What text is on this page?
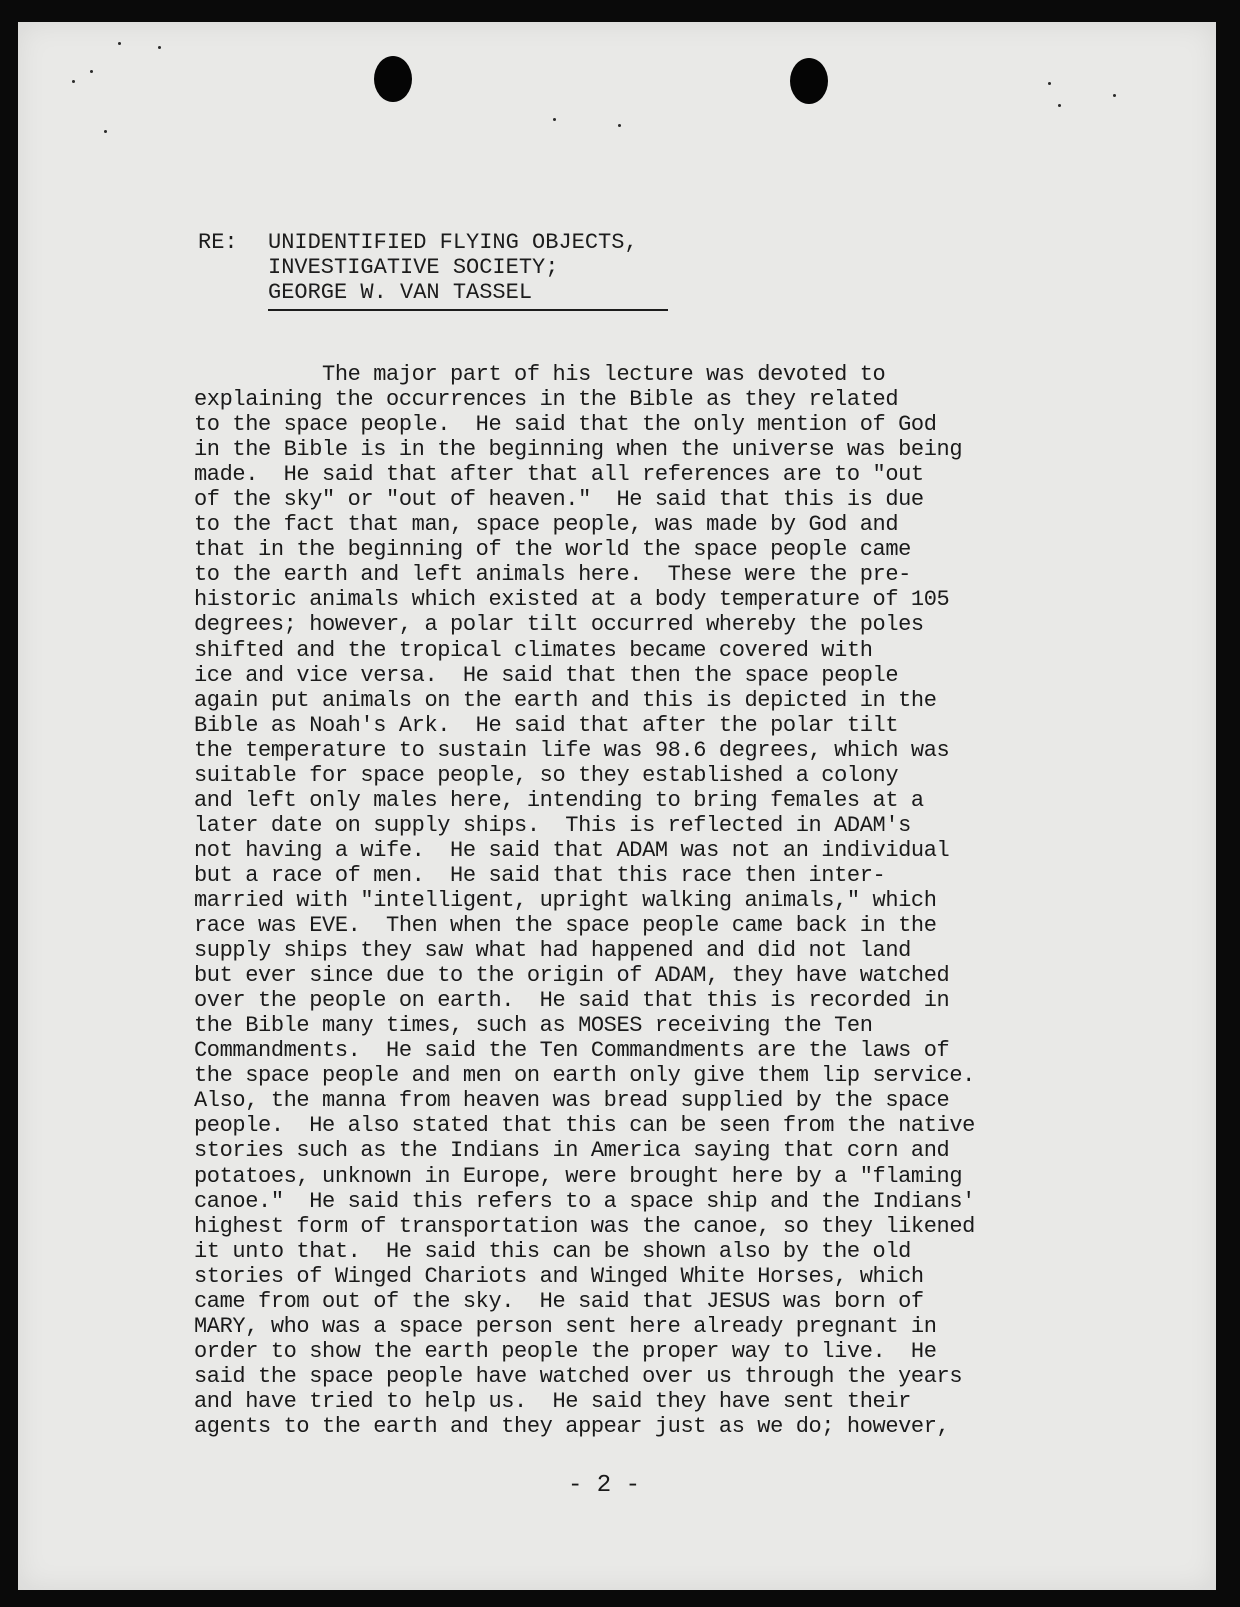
RE:	UNIDENTIFIED FLYING OBJECTS,
INVESTIGATIVE SOCIETY;
GEORGE W. VAN TASSEL
The major part of his lecture was devoted to
explaining the occurrences in the Bible as they related
to the space people.  He said that the only mention of God
in the Bible is in the beginning when the universe was being
made.  He said that after that all references are to "out
of the sky" or "out of heaven."  He said that this is due
to the fact that man, space people, was made by God and
that in the beginning of the world the space people came
to the earth and left animals here.  These were the pre-
historic animals which existed at a body temperature of 105
degrees; however, a polar tilt occurred whereby the poles
shifted and the tropical climates became covered with
ice and vice versa.  He said that then the space people
again put animals on the earth and this is depicted in the
Bible as Noah's Ark.  He said that after the polar tilt
the temperature to sustain life was 98.6 degrees, which was
suitable for space people, so they established a colony
and left only males here, intending to bring females at a
later date on supply ships.  This is reflected in ADAM's
not having a wife.  He said that ADAM was not an individual
but a race of men.  He said that this race then inter-
married with "intelligent, upright walking animals," which
race was EVE.  Then when the space people came back in the
supply ships they saw what had happened and did not land
but ever since due to the origin of ADAM, they have watched
over the people on earth.  He said that this is recorded in
the Bible many times, such as MOSES receiving the Ten
Commandments.  He said the Ten Commandments are the laws of
the space people and men on earth only give them lip service.
Also, the manna from heaven was bread supplied by the space
people.  He also stated that this can be seen from the native
stories such as the Indians in America saying that corn and
potatoes, unknown in Europe, were brought here by a "flaming
canoe."  He said this refers to a space ship and the Indians'
highest form of transportation was the canoe, so they likened
it unto that.  He said this can be shown also by the old
stories of Winged Chariots and Winged White Horses, which
came from out of the sky.  He said that JESUS was born of
MARY, who was a space person sent here already pregnant in
order to show the earth people the proper way to live.  He
said the space people have watched over us through the years
and have tried to help us.  He said they have sent their
agents to the earth and they appear just as we do; however,
- 2 -
